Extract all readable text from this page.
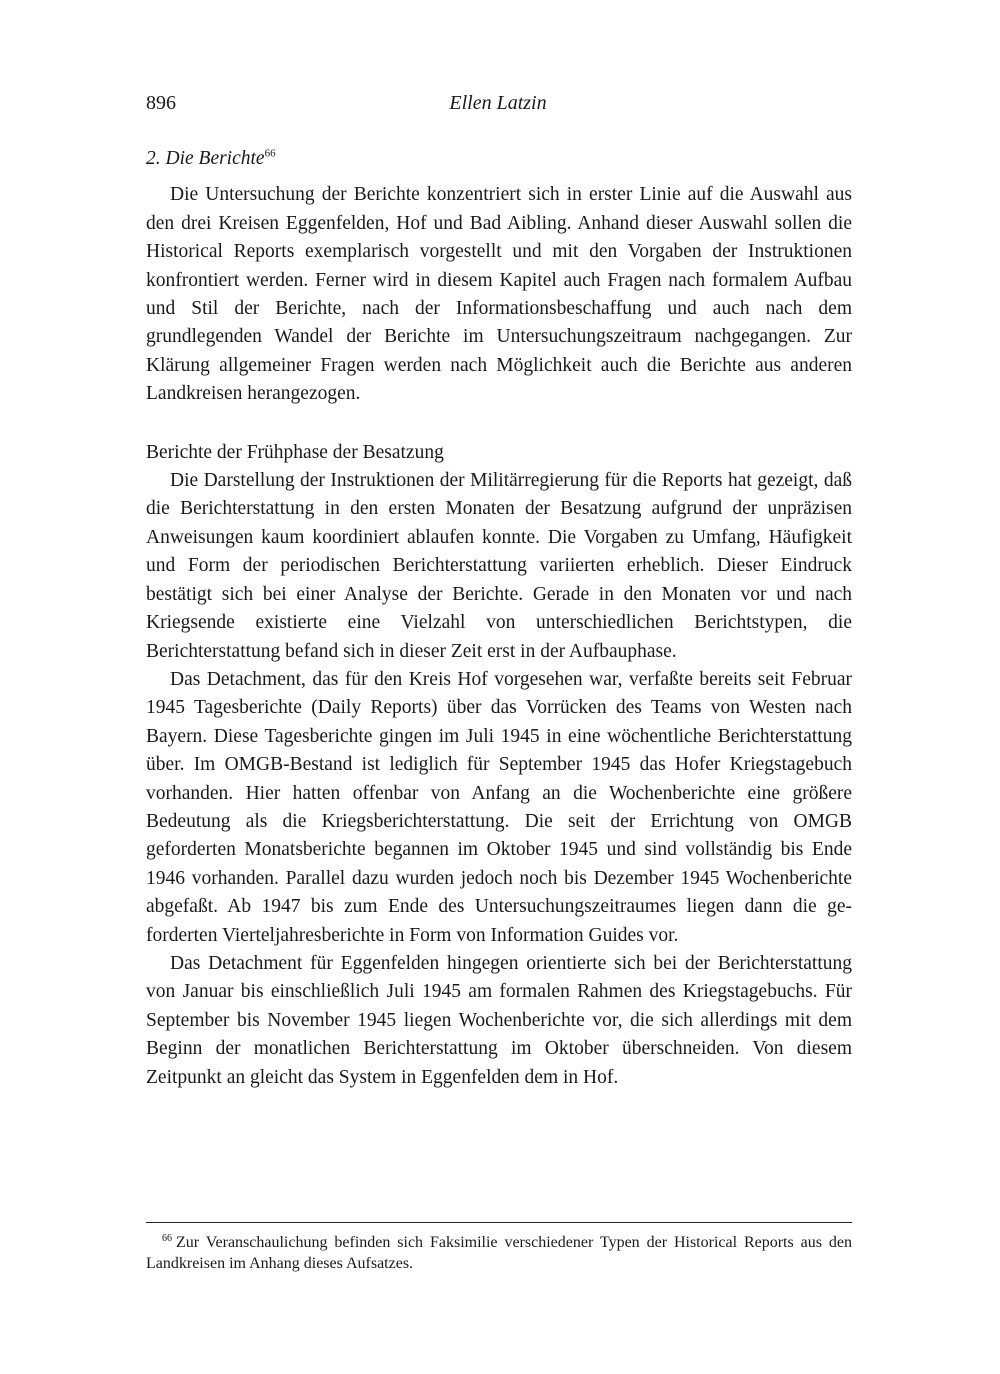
896	Ellen Latzin
2. Die Berichte$^{66}$

Die Untersuchung der Berichte konzentriert sich in erster Linie auf die Auswahl aus den drei Kreisen Eggenfelden, Hof und Bad Aibling. Anhand dieser Auswahl sollen die Historical Reports exemplarisch vorgestellt und mit den Vorgaben der Instruktionen konfrontiert werden. Ferner wird in diesem Kapitel auch Fragen nach formalem Aufbau und Stil der Berichte, nach der Informationsbeschaffung und auch nach dem grundlegenden Wandel der Berichte im Untersuchungszeitraum nachgegangen. Zur Klärung allgemeiner Fragen werden nach Möglichkeit auch die Berichte aus anderen Landkreisen herangezogen.

Berichte der Frühphase der Besatzung

Die Darstellung der Instruktionen der Militärregierung für die Reports hat gezeigt, daß die Berichterstattung in den ersten Monaten der Besatzung aufgrund der unpräzisen Anweisungen kaum koordiniert ablaufen konnte. Die Vorgaben zu Umfang, Häufigkeit und Form der periodischen Berichterstattung variierten erheblich. Dieser Eindruck bestätigt sich bei einer Analyse der Berichte. Gerade in den Monaten vor und nach Kriegsende existierte eine Vielzahl von unterschiedlichen Berichtstypen, die Berichterstattung befand sich in dieser Zeit erst in der Aufbauphase.

Das Detachment, das für den Kreis Hof vorgesehen war, verfaßte bereits seit Februar 1945 Tagesberichte (Daily Reports) über das Vorrücken des Teams von Westen nach Bayern. Diese Tagesberichte gingen im Juli 1945 in eine wöchentliche Berichterstattung über. Im OMGB-Bestand ist lediglich für September 1945 das Hofer Kriegstagebuch vorhanden. Hier hatten offenbar von Anfang an die Wochenberichte eine größere Bedeutung als die Kriegsberichterstattung. Die seit der Errichtung von OMGB geforderten Monatsberichte begannen im Oktober 1945 und sind vollständig bis Ende 1946 vorhanden. Parallel dazu wurden jedoch noch bis Dezember 1945 Wochenberichte abgefaßt. Ab 1947 bis zum Ende des Untersuchungszeitraumes liegen dann die geforderten Vierteljahresberichte in Form von Information Guides vor.

Das Detachment für Eggenfelden hingegen orientierte sich bei der Berichterstattung von Januar bis einschließlich Juli 1945 am formalen Rahmen des Kriegstagebuchs. Für September bis November 1945 liegen Wochenberichte vor, die sich allerdings mit dem Beginn der monatlichen Berichterstattung im Oktober überschneiden. Von diesem Zeitpunkt an gleicht das System in Eggenfelden dem in Hof.

$^{66}$ Zur Veranschaulichung befinden sich Faksimilie verschiedener Typen der Historical Reports aus den Landkreisen im Anhang dieses Aufsatzes.
